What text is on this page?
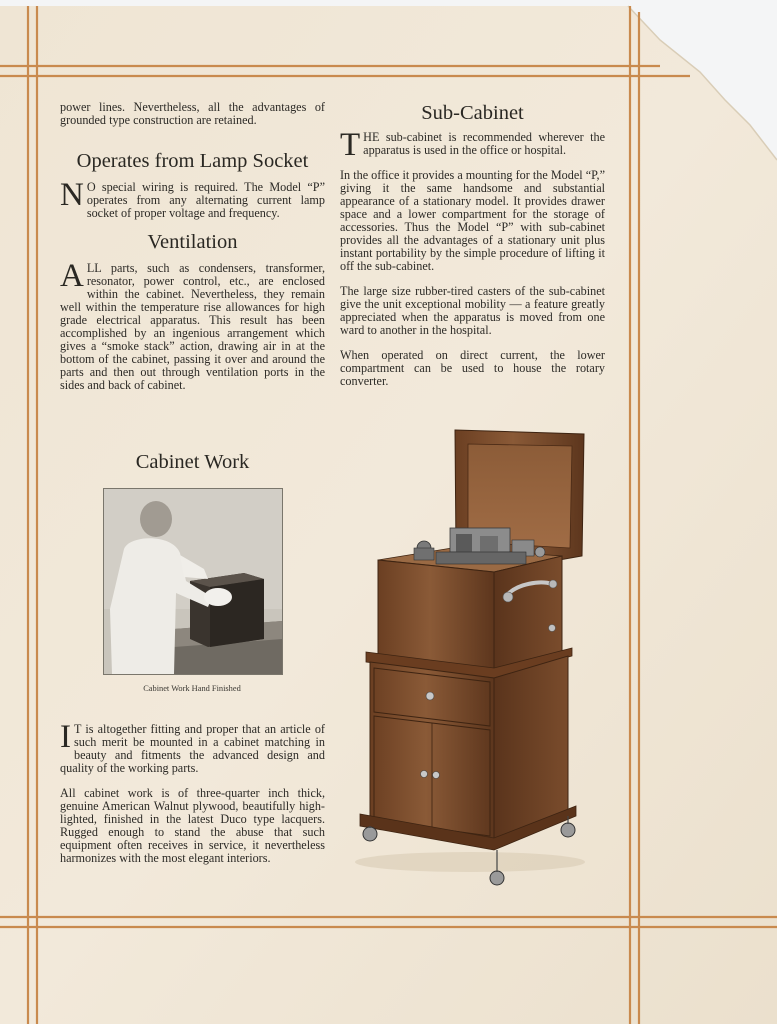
power lines. Nevertheless, all the advantages of grounded type construction are retained.

Operates from Lamp Socket

N O special wiring is required. The Model “P” operates from any alternating current lamp socket of proper voltage and frequency.

Ventilation

ALL parts, such as condensers, transformer, resonator, power control, etc., are enclosed within the cabinet. Nevertheless, they remain well within the temperature rise allowances for high grade electrical apparatus. This result has been accomplished by an ingenious arrangement which gives a “smoke stack” action, drawing air in at the bottom of the cabinet, passing it over and around the parts and then out through ventilation ports in the sides and back of cabinet.

Cabinet Work
Cabinet Work Hand Finished

I T is altogether fitting and proper that an article of such merit be mounted in a cabinet matching in beauty and fitments the advanced design and quality of the working parts.

All cabinet work is of three-quarter inch thick, genuine American Walnut plywood, beautifully high-lighted, finished in the latest Duco type lacquers. Rugged enough to stand the abuse that such equipment often receives in service, it nevertheless harmonizes with the most elegant interiors.

Sub-Cabinet

THE sub-cabinet is recommended wherever the apparatus is used in the office or hospital.

In the office it provides a mounting for the Model “P,” giving it the same handsome and substantial appearance of a stationary model. It provides drawer space and a lower compartment for the storage of accessories. Thus the Model “P” with sub-cabinet provides all the advantages of a stationary unit plus instant portability by the simple procedure of lifting it off the sub-cabinet.

The large size rubber-tired casters of the sub-cabinet give the unit exceptional mobility — a feature greatly appreciated when the apparatus is moved from one ward to another in the hospital.

When operated on direct current, the lower compartment can be used to house the rotary converter.
